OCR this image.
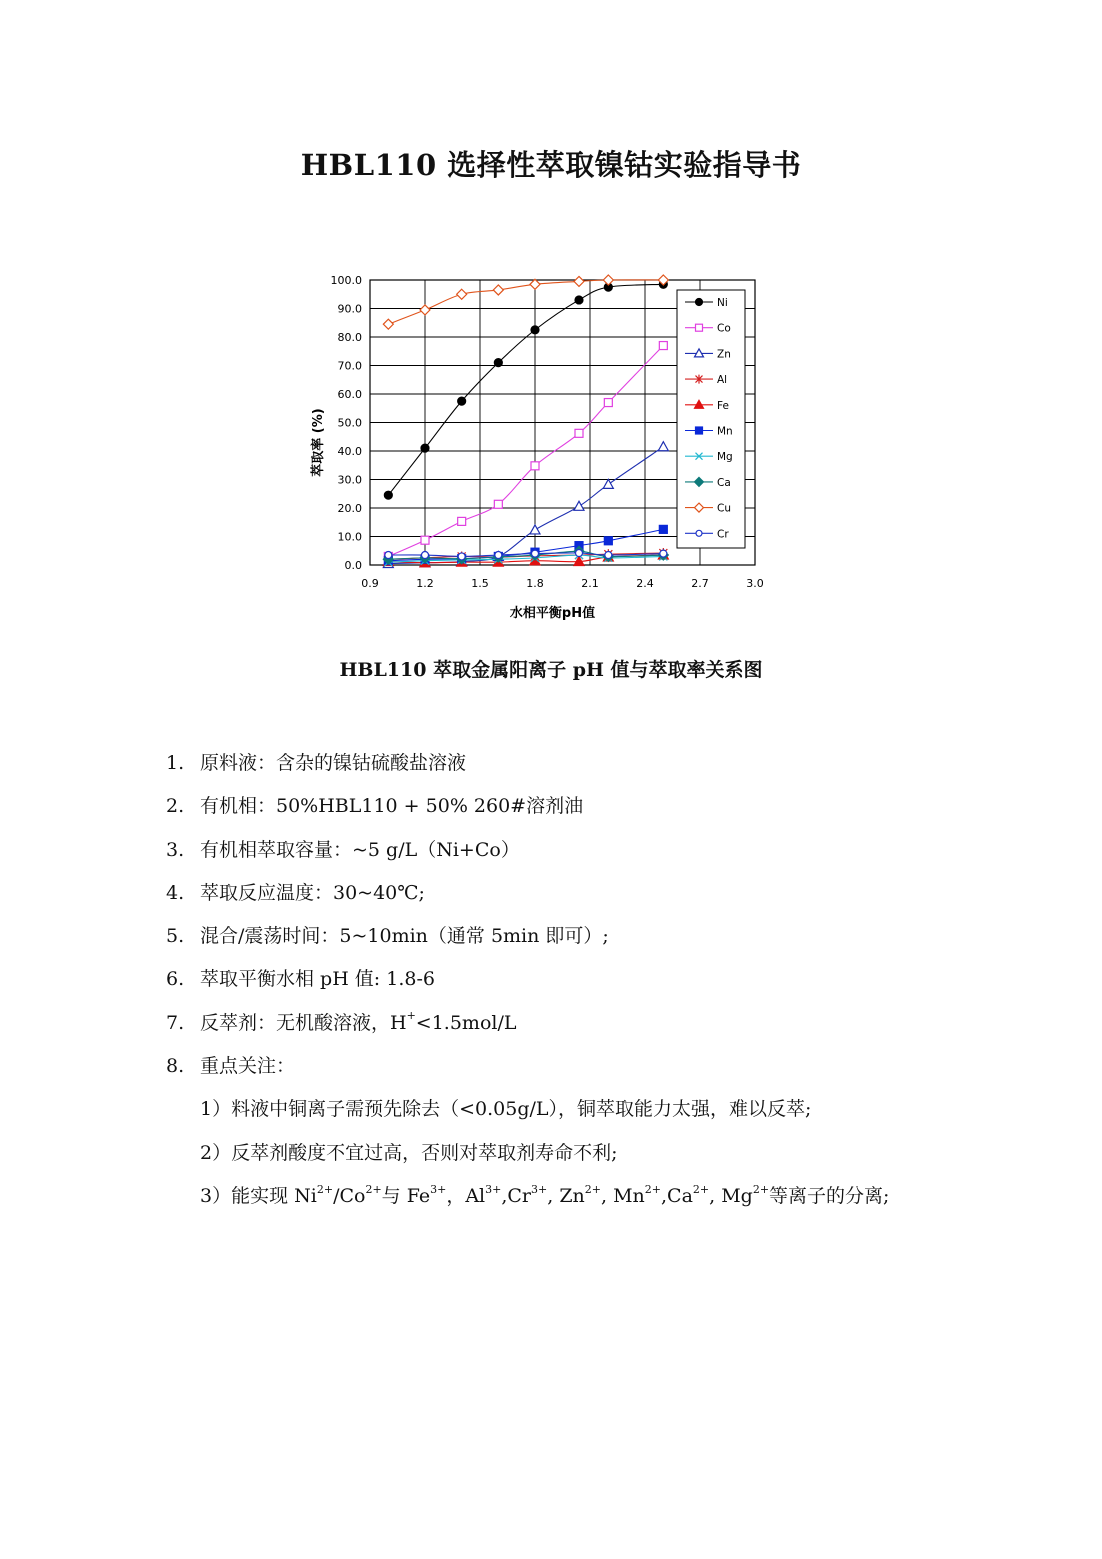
HBL110 选择性萃取镍钴实验指导书
0.9	1.2	1.5	1.8	2.1	2.4	2.7	3.0
0.0
10.0
20.0
30.0
40.0
50.0
60.0
70.0
80.0
90.0
100.0
水相平衡pH值
萃取率 (%)
Ni
Co
Zn
Al
Fe
Mn
Mg
Ca
Cu
Cr
HBL110 萃取金属阳离子 pH 值与萃取率关系图
1. 原料液：含杂的镍钴硫酸盐溶液
2. 有机相：50%HBL110 + 50% 260#溶剂油
3. 有机相萃取容量：~5 g/L（Ni+Co）
4. 萃取反应温度：30~40℃;
5. 混合/震荡时间：5~10min（通常 5min 即可）;
6. 萃取平衡水相 pH 值: 1.8-6
7. 反萃剂：无机酸溶液，H+<1.5mol/L
8. 重点关注：
1）料液中铜离子需预先除去（<0.05g/L），铜萃取能力太强，难以反萃;
2）反萃剂酸度不宜过高，否则对萃取剂寿命不利;
3）能实现 $Ni^{2+}/Co^{2+}$与 $Fe^{3+}$，$Al^{3+},Cr^{3+}$, $Zn^{2+}$, $Mn^{2+},Ca^{2+}$, $Mg^{2+}$等离子的分离;
